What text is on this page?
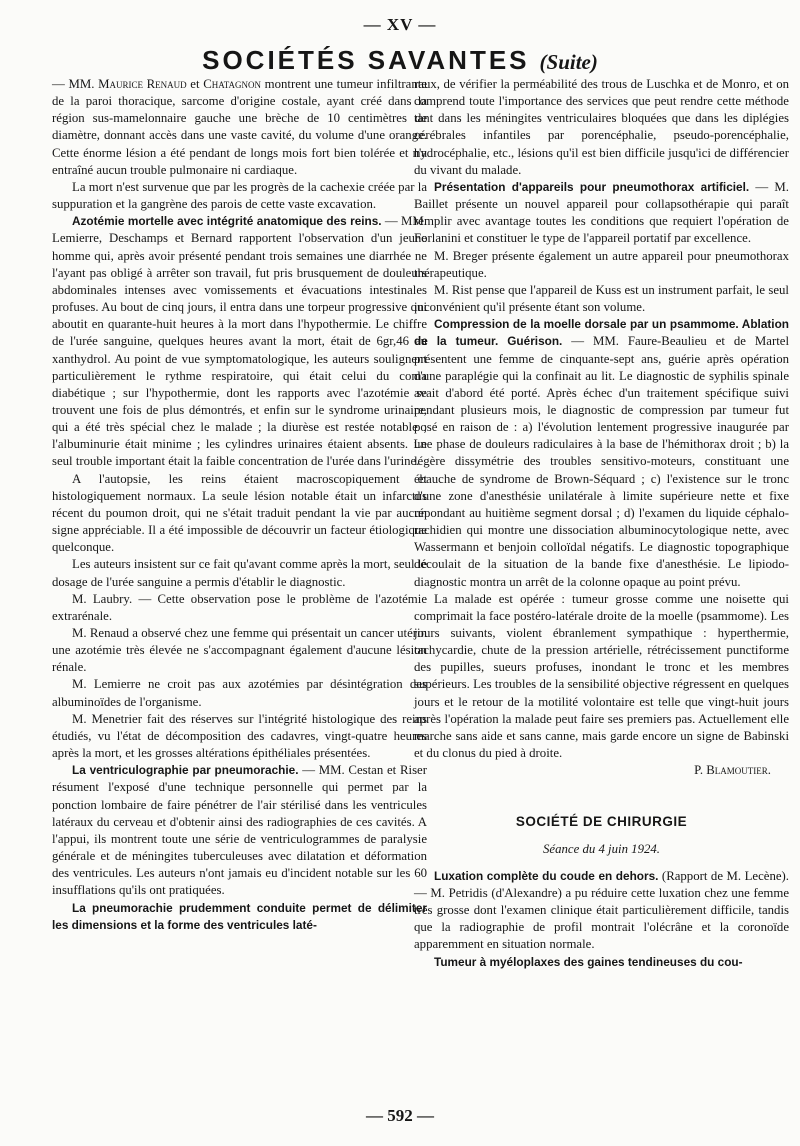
— XV —
SOCIÉTÉS SAVANTES (Suite)

— MM. Maurice Renaud et Chatagnon montrent une tumeur infiltrante de la paroi thoracique, sarcome d'origine costale, ayant créé dans la région sus-mamelonnaire gauche une brèche de 10 centimètres de diamètre, donnant accès dans une vaste cavité, du volume d'une orange. Cette énorme lésion a été pendant de longs mois fort bien tolérée et n'a entraîné aucun trouble pulmonaire ni cardiaque.

La mort n'est survenue que par les progrès de la cachexie créée par la suppuration et la gangrène des parois de cette vaste excavation.

Azotémie mortelle avec intégrité anatomique des reins. — MM. Lemierre, Deschamps et Bernard rapportent l'observation d'un jeune homme qui, après avoir présenté pendant trois semaines une diarrhée ne l'ayant pas obligé à arrêter son travail, fut pris brusquement de douleurs abdominales intenses avec vomissements et évacuations intestinales profuses. Au bout de cinq jours, il entra dans une torpeur progressive qui aboutit en quarante-huit heures à la mort dans l'hypothermie. Le chiffre de l'urée sanguine, quelques heures avant la mort, était de 6gr,46 au xanthydrol. Au point de vue symptomatologique, les auteurs soulignent particulièrement le rythme respiratoire, qui était celui du coma diabétique ; sur l'hypothermie, dont les rapports avec l'azotémie se trouvent une fois de plus démontrés, et enfin sur le syndrome urinaire, qui a été très spécial chez le malade ; la diurèse est restée notable ; l'albuminurie était minime ; les cylindres urinaires étaient absents. Le seul trouble important était la faible concentration de l'urée dans l'urine.

A l'autopsie, les reins étaient macroscopiquement et histologiquement normaux. La seule lésion notable était un infarctus récent du poumon droit, qui ne s'était traduit pendant la vie par aucun signe appréciable. Il a été impossible de découvrir un facteur étiologique quelconque.

Les auteurs insistent sur ce fait qu'avant comme après la mort, seul le dosage de l'urée sanguine a permis d'établir le diagnostic.

M. Laubry. — Cette observation pose le problème de l'azotémie extrarénale.

M. Renaud a observé chez une femme qui présentait un cancer utérin une azotémie très élevée ne s'accompagnant également d'aucune lésion rénale.

M. Lemierre ne croit pas aux azotémies par désintégration des albuminoïdes de l'organisme.

M. Menetrier fait des réserves sur l'intégrité histologique des reins étudiés, vu l'état de décomposition des cadavres, vingt-quatre heures après la mort, et les grosses altérations épithéliales présentées.

La ventriculographie par pneumorachie. — MM. Cestan et Riser résument l'exposé d'une technique personnelle qui permet par la ponction lombaire de faire pénétrer de l'air stérilisé dans les ventricules latéraux du cerveau et d'obtenir ainsi des radiographies de ces cavités. A l'appui, ils montrent toute une série de ventriculogrammes de paralysie générale et de méningites tuberculeuses avec dilatation et déformation des ventricules. Les auteurs n'ont jamais eu d'incident notable sur les 60 insufflations qu'ils ont pratiquées.

La pneumorachie prudemment conduite permet de délimiter les dimensions et la forme des ventricules laté-

raux, de vérifier la perméabilité des trous de Luschka et de Monro, et on comprend toute l'importance des services que peut rendre cette méthode tant dans les méningites ventriculaires bloquées que dans les diplégies cérébrales infantiles par porencéphalie, pseudo-porencéphalie, hydrocéphalie, etc., lésions qu'il est bien difficile jusqu'ici de différencier du vivant du malade.

Présentation d'appareils pour pneumothorax artificiel. — M. Baillet présente un nouvel appareil pour collapsothérapie qui paraît remplir avec avantage toutes les conditions que requiert l'opération de Forlanini et constituer le type de l'appareil portatif par excellence.

M. Breger présente également un autre appareil pour pneumothorax thérapeutique.

M. Rist pense que l'appareil de Kuss est un instrument parfait, le seul inconvénient qu'il présente étant son volume.

Compression de la moelle dorsale par un psammome. Ablation de la tumeur. Guérison. — MM. Faure-Beaulieu et de Martel présentent une femme de cinquante-sept ans, guérie après opération d'une paraplégie qui la confinait au lit. Le diagnostic de syphilis spinale avait d'abord été porté. Après échec d'un traitement spécifique suivi pendant plusieurs mois, le diagnostic de compression par tumeur fut posé en raison de : a) l'évolution lentement progressive inaugurée par une phase de douleurs radiculaires à la base de l'hémithorax droit ; b) la légère dissymétrie des troubles sensitivo-moteurs, constituant une ébauche de syndrome de Brown-Séquard ; c) l'existence sur le tronc d'une zone d'anesthésie unilatérale à limite supérieure nette et fixe répondant au huitième segment dorsal ; d) l'examen du liquide céphalo-rachidien qui montre une dissociation albuminocytologique nette, avec Wassermann et benjoin colloïdal négatifs. Le diagnostic topographique découlait de la situation de la bande fixe d'anesthésie. Le lipiodo-diagnostic montra un arrêt de la colonne opaque au point prévu.

La malade est opérée : tumeur grosse comme une noisette qui comprimait la face postéro-latérale droite de la moelle (psammome). Les jours suivants, violent ébranlement sympathique : hyperthermie, tachycardie, chute de la pression artérielle, rétrécissement punctiforme des pupilles, sueurs profuses, inondant le tronc et les membres supérieurs. Les troubles de la sensibilité objective régressent en quelques jours et le retour de la motilité volontaire est telle que vingt-huit jours après l'opération la malade peut faire ses premiers pas. Actuellement elle marche sans aide et sans canne, mais garde encore un signe de Babinski et du clonus du pied à droite.

P. Blamoutier.

SOCIÉTÉ DE CHIRURGIE

Séance du 4 juin 1924.

Luxation complète du coude en dehors. (Rapport de M. Lecène). — M. Petridis (d'Alexandre) a pu réduire cette luxation chez une femme très grosse dont l'examen clinique était particulièrement difficile, tandis que la radiographie de profil montrait l'olécrâne et la coronoïde apparemment en situation normale.

Tumeur à myéloplaxes des gaines tendineuses du cou-

— 592 —
